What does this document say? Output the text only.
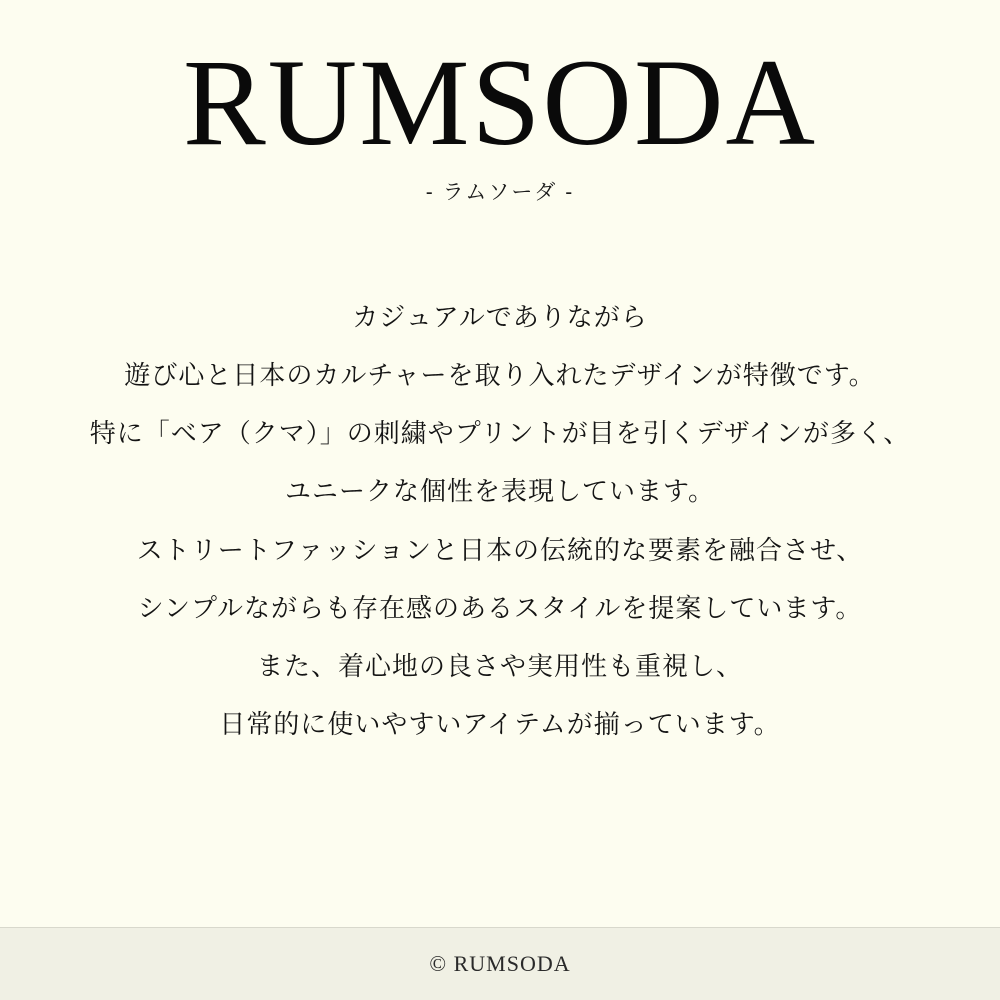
RUMSODA
- ラムソーダ -

カジュアルでありながら

遊び心と日本のカルチャーを取り入れたデザインが特徴です。

特に「ベア（クマ）」の刺繍やプリントが目を引くデザインが多く、

ユニークな個性を表現しています。

ストリートファッションと日本の伝統的な要素を融合させ、

シンプルながらも存在感のあるスタイルを提案しています。

また、着心地の良さや実用性も重視し、

日常的に使いやすいアイテムが揃っています。

© RUMSODA
